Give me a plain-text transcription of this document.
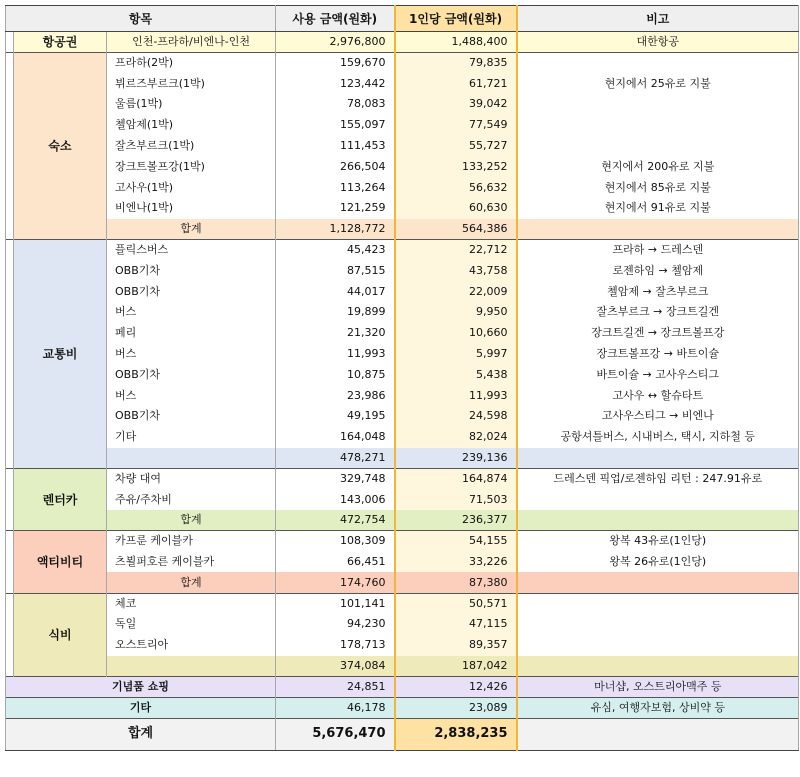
항목			사용 금액(원화)	1인당 금액(원화)	비고
	항공권	인천-프라하/비엔나-인천	2,976,800	1,488,400	대한항공
	숙소	프라하(2박)	159,670	79,835	
		뷔르즈부르크(1박)	123,442	61,721	현지에서 25유로 지불
		울름(1박)	78,083	39,042	
		첼암제(1박)	155,097	77,549	
		잘츠부르크(1박)	111,453	55,727	
		장크트볼프강(1박)	266,504	133,252	현지에서 200유로 지불
		고사우(1박)	113,264	56,632	현지에서 85유로 지불
		비엔나(1박)	121,259	60,630	현지에서 91유로 지불
		합계	1,128,772	564,386	
	교통비	플릭스버스	45,423	22,712	프라하 → 드레스덴
		OBB기차	87,515	43,758	로젠하임 → 첼암제
		OBB기차	44,017	22,009	첼암제 → 잘츠부르크
		버스	19,899	9,950	잘츠부르크 → 장크트길겐
		페리	21,320	10,660	장크트길겐 → 장크트볼프강
		버스	11,993	5,997	장크트볼프강 → 바트이슐
		OBB기차	10,875	5,438	바트이슐 → 고사우스티그
		버스	23,986	11,993	고사우 ↔ 할슈타트
		OBB기차	49,195	24,598	고사우스티그 → 비엔나
		기타	164,048	82,024	공항셔틀버스, 시내버스, 택시, 지하철 등
			478,271	239,136	
	렌터카	차량 대여	329,748	164,874	드레스덴 픽업/로젠하임 리턴 : 247.91유로
		주유/주차비	143,006	71,503	
		합계	472,754	236,377	
	액티비티	카프룬 케이블카	108,309	54,155	왕복 43유로(1인당)
		츠뵐퍼호른 케이블카	66,451	33,226	왕복 26유로(1인당)
		합계	174,760	87,380	
	식비	체코	101,141	50,571	
		독일	94,230	47,115	
		오스트리아	178,713	89,357	
			374,084	187,042	
기념품 쇼핑			24,851	12,426	마너샵, 오스트리아맥주 등
기타			46,178	23,089	유심, 여행자보험, 상비약 등
합계			5,676,470	2,838,235	
